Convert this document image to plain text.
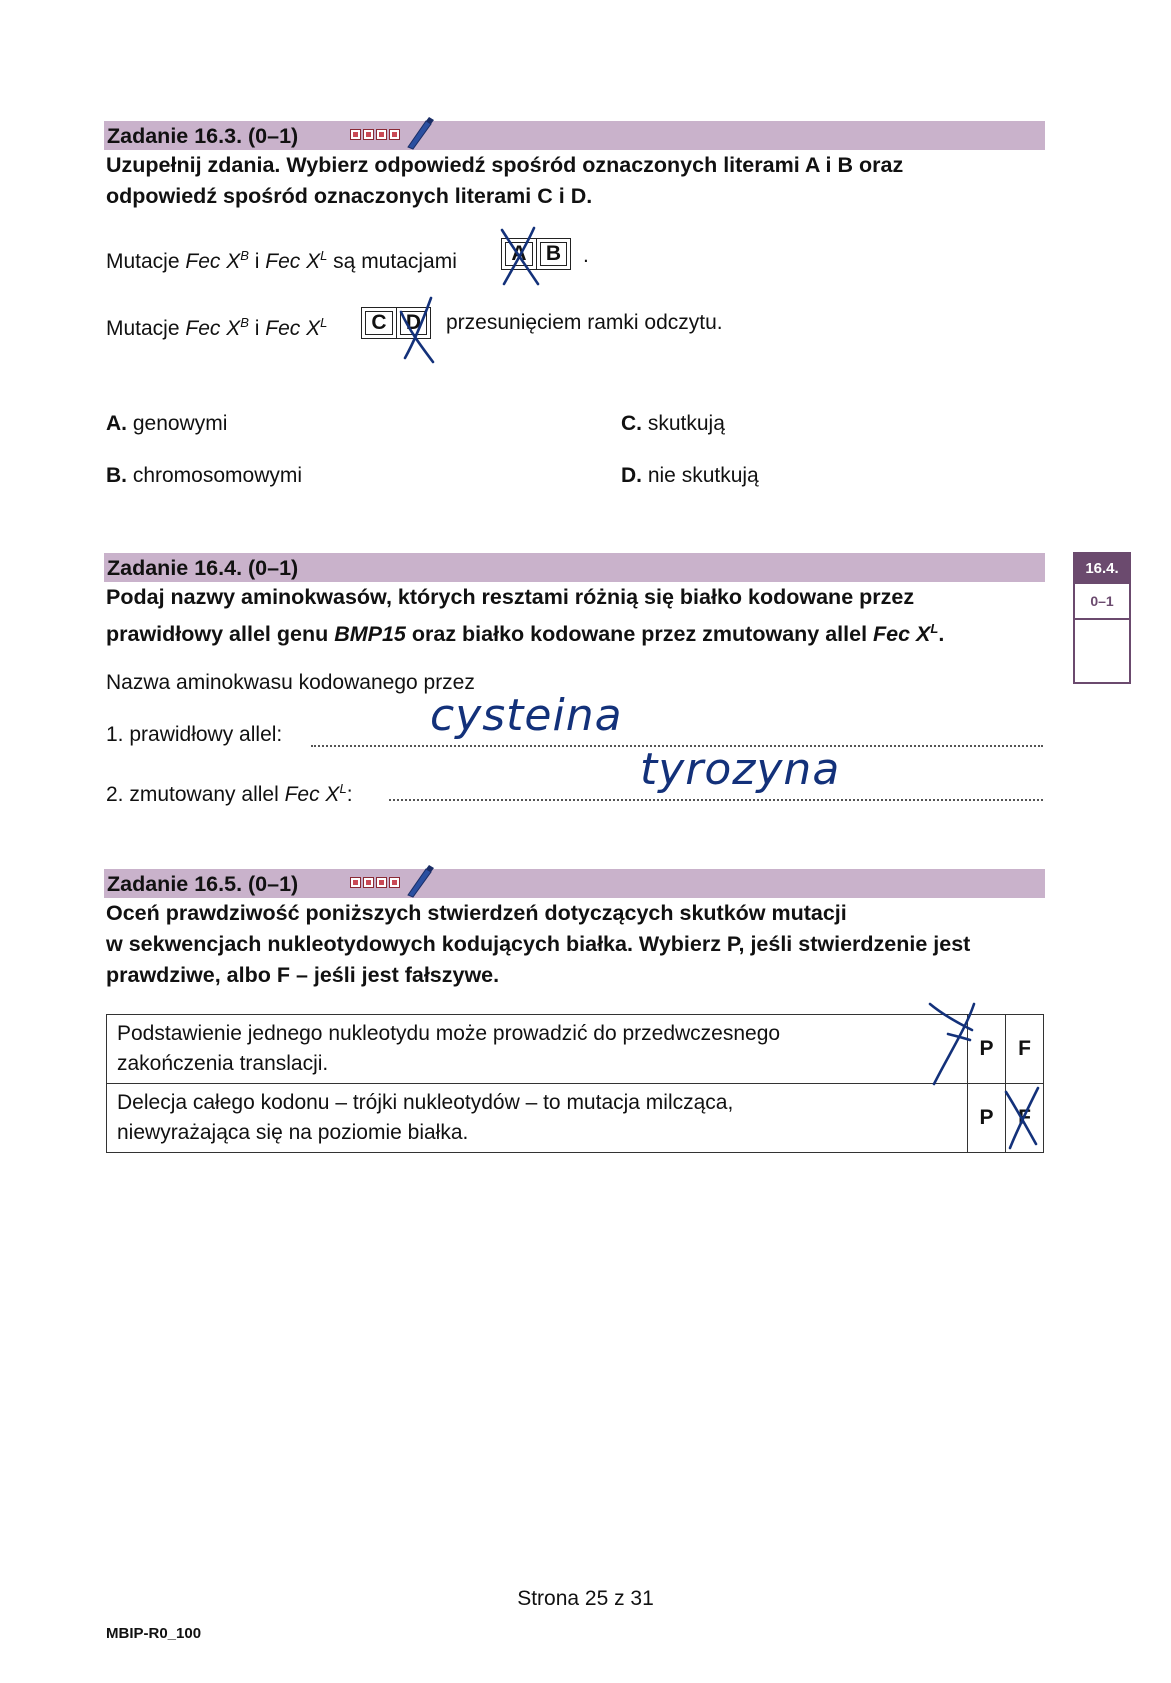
Zadanie 16.3. (0–1)
Uzupełnij zdania. Wybierz odpowiedź spośród oznaczonych literami A i B oraz
odpowiedź spośród oznaczonych literami C i D.
Mutacje Fec $X^B$ i Fec $X^L$ są mutacjami	A B .
Mutacje Fec $X^B$ i Fec $X^L$ C D przesunięciem ramki odczytu.
A. genowymi
B. chromosomowymi
C. skutkują
D. nie skutkują
Zadanie 16.4. (0–1)
Podaj nazwy aminokwasów, których resztami różnią się białko kodowane przez
prawidłowy allel genu BMP15 oraz białko kodowane przez zmutowany allel Fec $X^L$.
16.4.
0–1
Nazwa aminokwasu kodowanego przez
1. prawidłowy allel:	cysteina
2. zmutowany allel Fec $X^L$:	tyrozyna
Zadanie 16.5. (0–1)
Oceń prawdziwość poniższych stwierdzeń dotyczących skutków mutacji
w sekwencjach nukleotydowych kodujących białka. Wybierz P, jeśli stwierdzenie jest
prawdziwe, albo F – jeśli jest fałszywe.
Podstawienie jednego nukleotydu może prowadzić do przedwczesnego
zakończenia translacji.	P	F

Delecja całego kodonu – trójki nukleotydów – to mutacja milcząca,
niewyrażająca się na poziomie białka.	P	F
Strona 25 z 31
MBIP-R0_100
